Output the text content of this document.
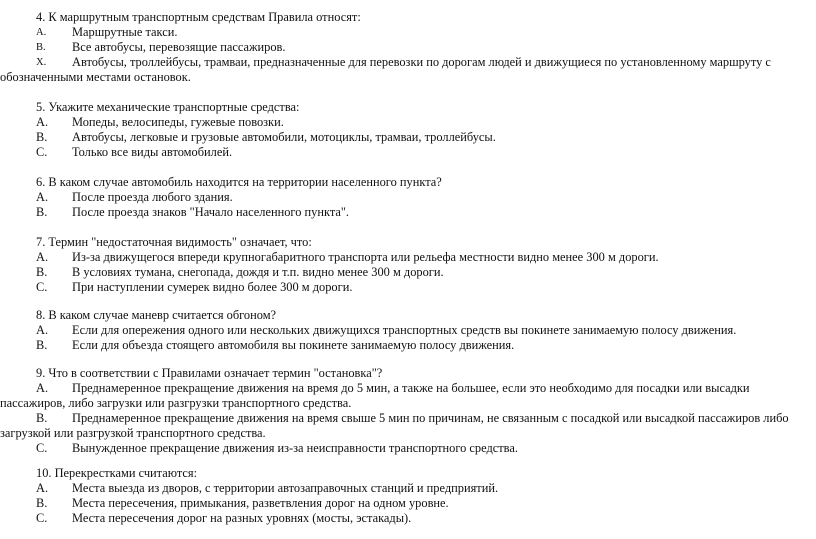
4. К маршрутным транспортным средствам Правила относят:
А.	Маршрутные такси.
В.	Все автобусы, перевозящие пассажиров.
Х.	Автобусы, троллейбусы, трамваи, предназначенные для перевозки по дорогам людей и движущиеся по установленному маршруту с обозначенными местами остановок.
5. Укажите механические транспортные средства:
А.	Мопеды, велосипеды, гужевые повозки.
В.	Автобусы, легковые и грузовые автомобили, мотоциклы, трамваи, троллейбусы.
С.	Только все виды автомобилей.
6. В каком случае автомобиль находится на территории населенного пункта?
А.	После проезда любого здания.
В.	После проезда знаков "Начало населенного пункта".
7. Термин "недостаточная видимость" означает, что:
А.	Из-за движущегося впереди крупногабаритного транспорта или рельефа местности видно менее 300 м дороги.
В.	В условиях тумана, снегопада, дождя и т.п. видно менее 300 м дороги.
С.	При наступлении сумерек видно более 300 м дороги.
8. В каком случае маневр считается обгоном?
А.	Если для опережения одного или нескольких движущихся транспортных средств вы покинете занимаемую полосу движения.
В.	Если для объезда стоящего автомобиля вы покинете занимаемую полосу движения.
9. Что в соответствии с Правилами означает термин "остановка"?
А.	Преднамеренное прекращение движения на время до 5 мин, а также на большее, если это необходимо для посадки или высадки пассажиров, либо загрузки или разгрузки транспортного средства.
В.	Преднамеренное прекращение движения на время свыше 5 мин по причинам, не связанным с посадкой или высадкой пассажиров либо загрузкой или разгрузкой транспортного средства.
С.	Вынужденное прекращение движения из-за неисправности транспортного средства.
10. Перекрестками считаются:
А.	Места выезда из дворов, с территории автозаправочных станций и предприятий.
В.	Места пересечения, примыкания, разветвления дорог на одном уровне.
С.	Места пересечения дорог на разных уровнях (мосты, эстакады).
